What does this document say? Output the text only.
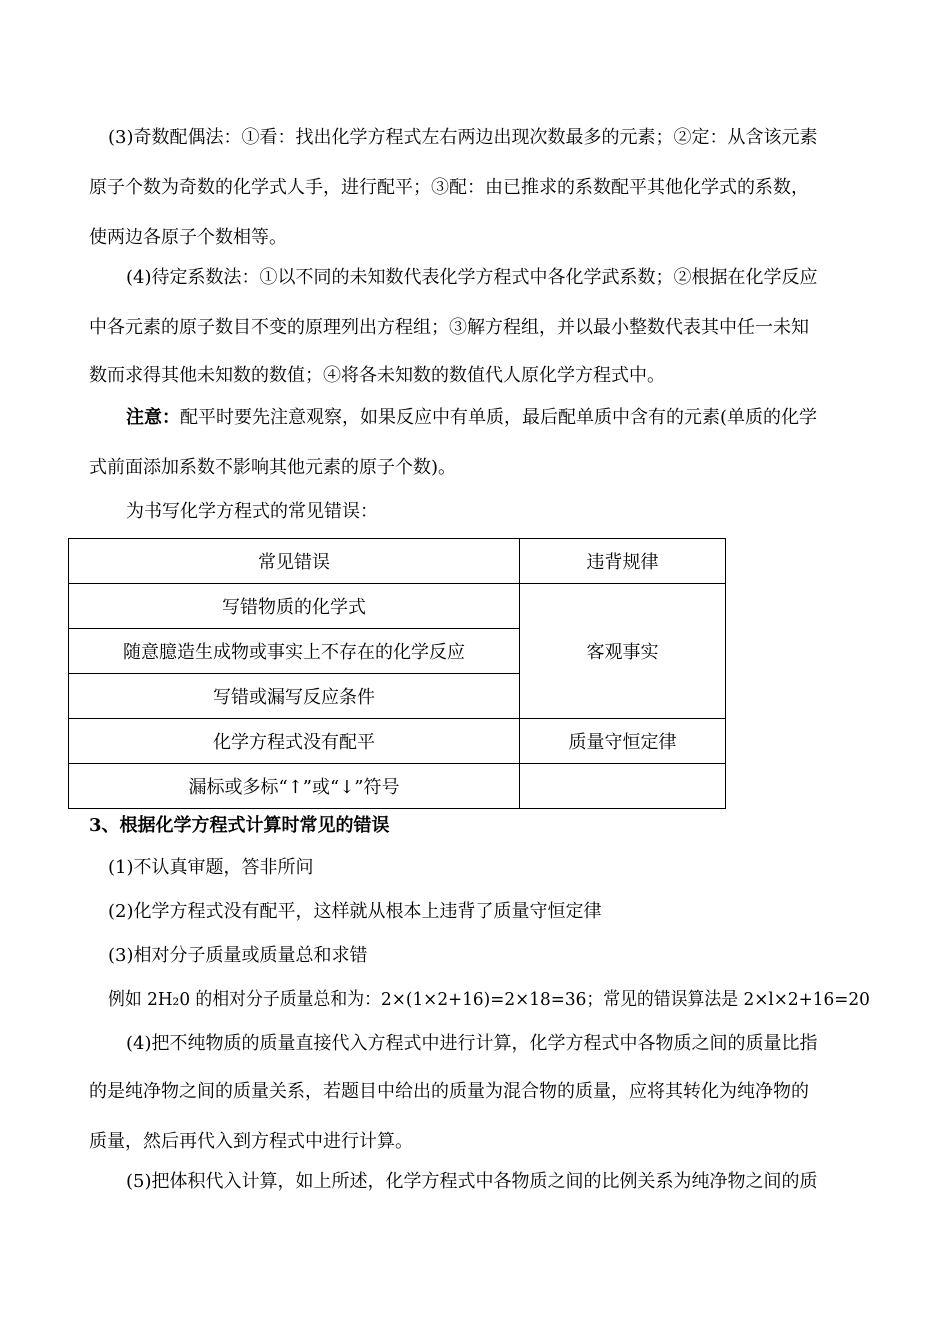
(3)奇数配偶法：①看：找出化学方程式左右两边出现次数最多的元素；②定：从含该元素
原子个数为奇数的化学式人手，进行配平；③配：由已推求的系数配平其他化学式的系数，
使两边各原子个数相等。
(4)待定系数法：①以不同的未知数代表化学方程式中各化学武系数；②根据在化学反应
中各元素的原子数目不变的原理列出方程组；③解方程组，并以最小整数代表其中任一未知
数而求得其他未知数的数值；④将各未知数的数值代人原化学方程式中。
注意：配平时要先注意观察，如果反应中有单质，最后配单质中含有的元素(单质的化学
式前面添加系数不影响其他元素的原子个数)。
为书写化学方程式的常见错误：
常见错误	违背规律
写错物质的化学式	客观事实
随意臆造生成物或事实上不存在的化学反应	
写错或漏写反应条件	
化学方程式没有配平	质量守恒定律
漏标或多标“↑”或“↓”符号	
3、根据化学方程式计算时常见的错误
(1)不认真审题，答非所问
(2)化学方程式没有配平，这样就从根本上违背了质量守恒定律
(3)相对分子质量或质量总和求错
例如 2H₂0 的相对分子质量总和为：2×(1×2+16)=2×18=36；常见的错误算法是 2×l×2+16=20
(4)把不纯物质的质量直接代入方程式中进行计算，化学方程式中各物质之间的质量比指
的是纯净物之间的质量关系，若题目中给出的质量为混合物的质量，应将其转化为纯净物的
质量，然后再代入到方程式中进行计算。
(5)把体积代入计算，如上所述，化学方程式中各物质之间的比例关系为纯净物之间的质
